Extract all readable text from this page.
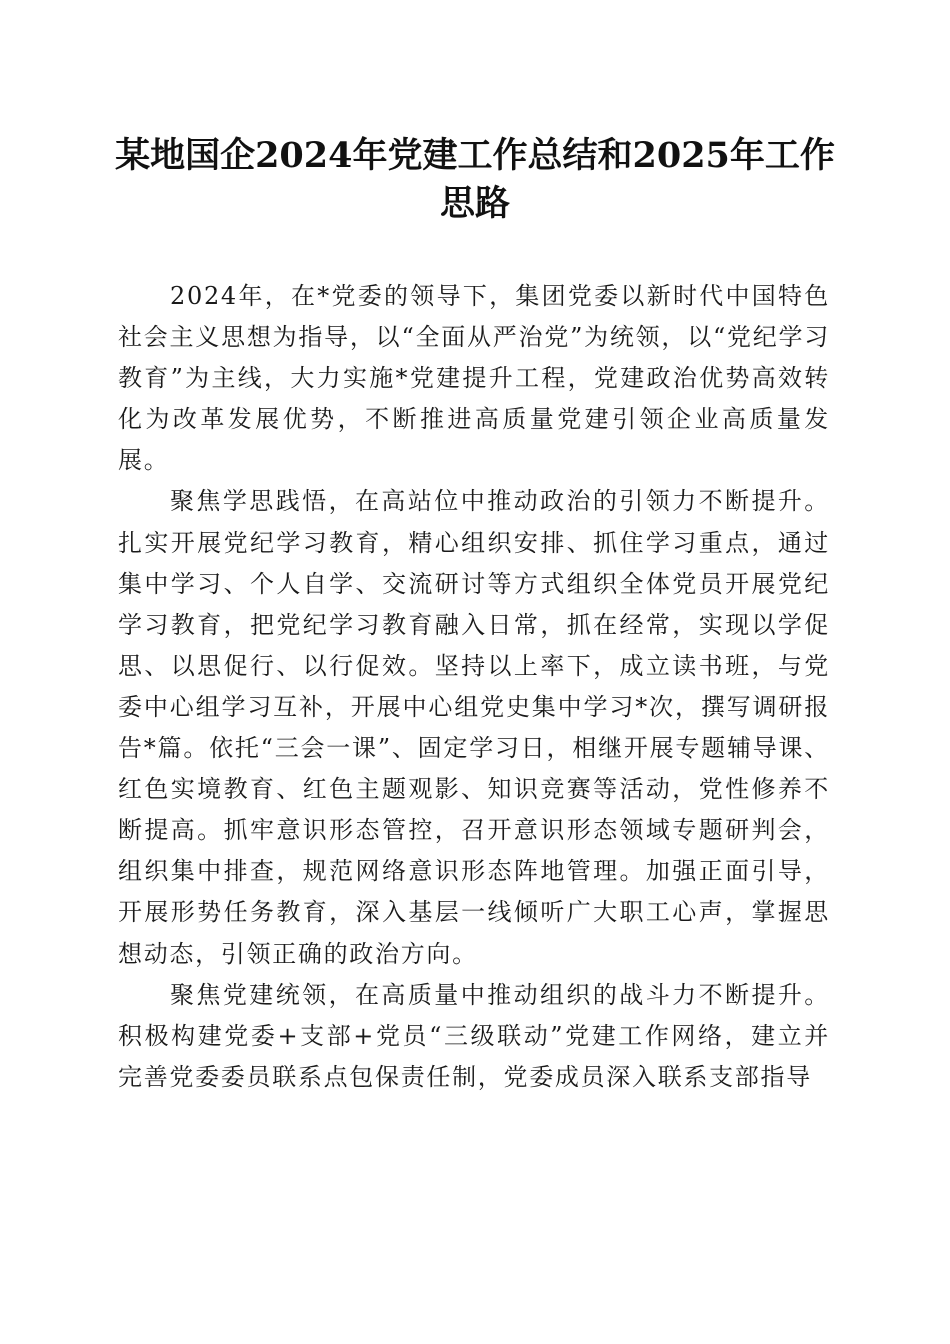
某地国企2024年党建工作总结和2025年工作思路

2024年，在*党委的领导下，集团党委以新时代中国特色社会主义思想为指导，以“全面从严治党”为统领，以“党纪学习教育”为主线，大力实施*党建提升工程，党建政治优势高效转化为改革发展优势，不断推进高质量党建引领企业高质量发展。

聚焦学思践悟，在高站位中推动政治的引领力不断提升。扎实开展党纪学习教育，精心组织安排、抓住学习重点，通过集中学习、个人自学、交流研讨等方式组织全体党员开展党纪学习教育，把党纪学习教育融入日常，抓在经常，实现以学促思、以思促行、以行促效。坚持以上率下，成立读书班，与党委中心组学习互补，开展中心组党史集中学习*次，撰写调研报告*篇。依托“三会一课”、固定学习日，相继开展专题辅导课、红色实境教育、红色主题观影、知识竞赛等活动，党性修养不断提高。抓牢意识形态管控，召开意识形态领域专题研判会，组织集中排查，规范网络意识形态阵地管理。加强正面引导，开展形势任务教育，深入基层一线倾听广大职工心声，掌握思想动态，引领正确的政治方向。

聚焦党建统领，在高质量中推动组织的战斗力不断提升。积极构建党委+支部+党员“三级联动”党建工作网络，建立并完善党委委员联系点包保责任制，党委成员深入联系支部指导
